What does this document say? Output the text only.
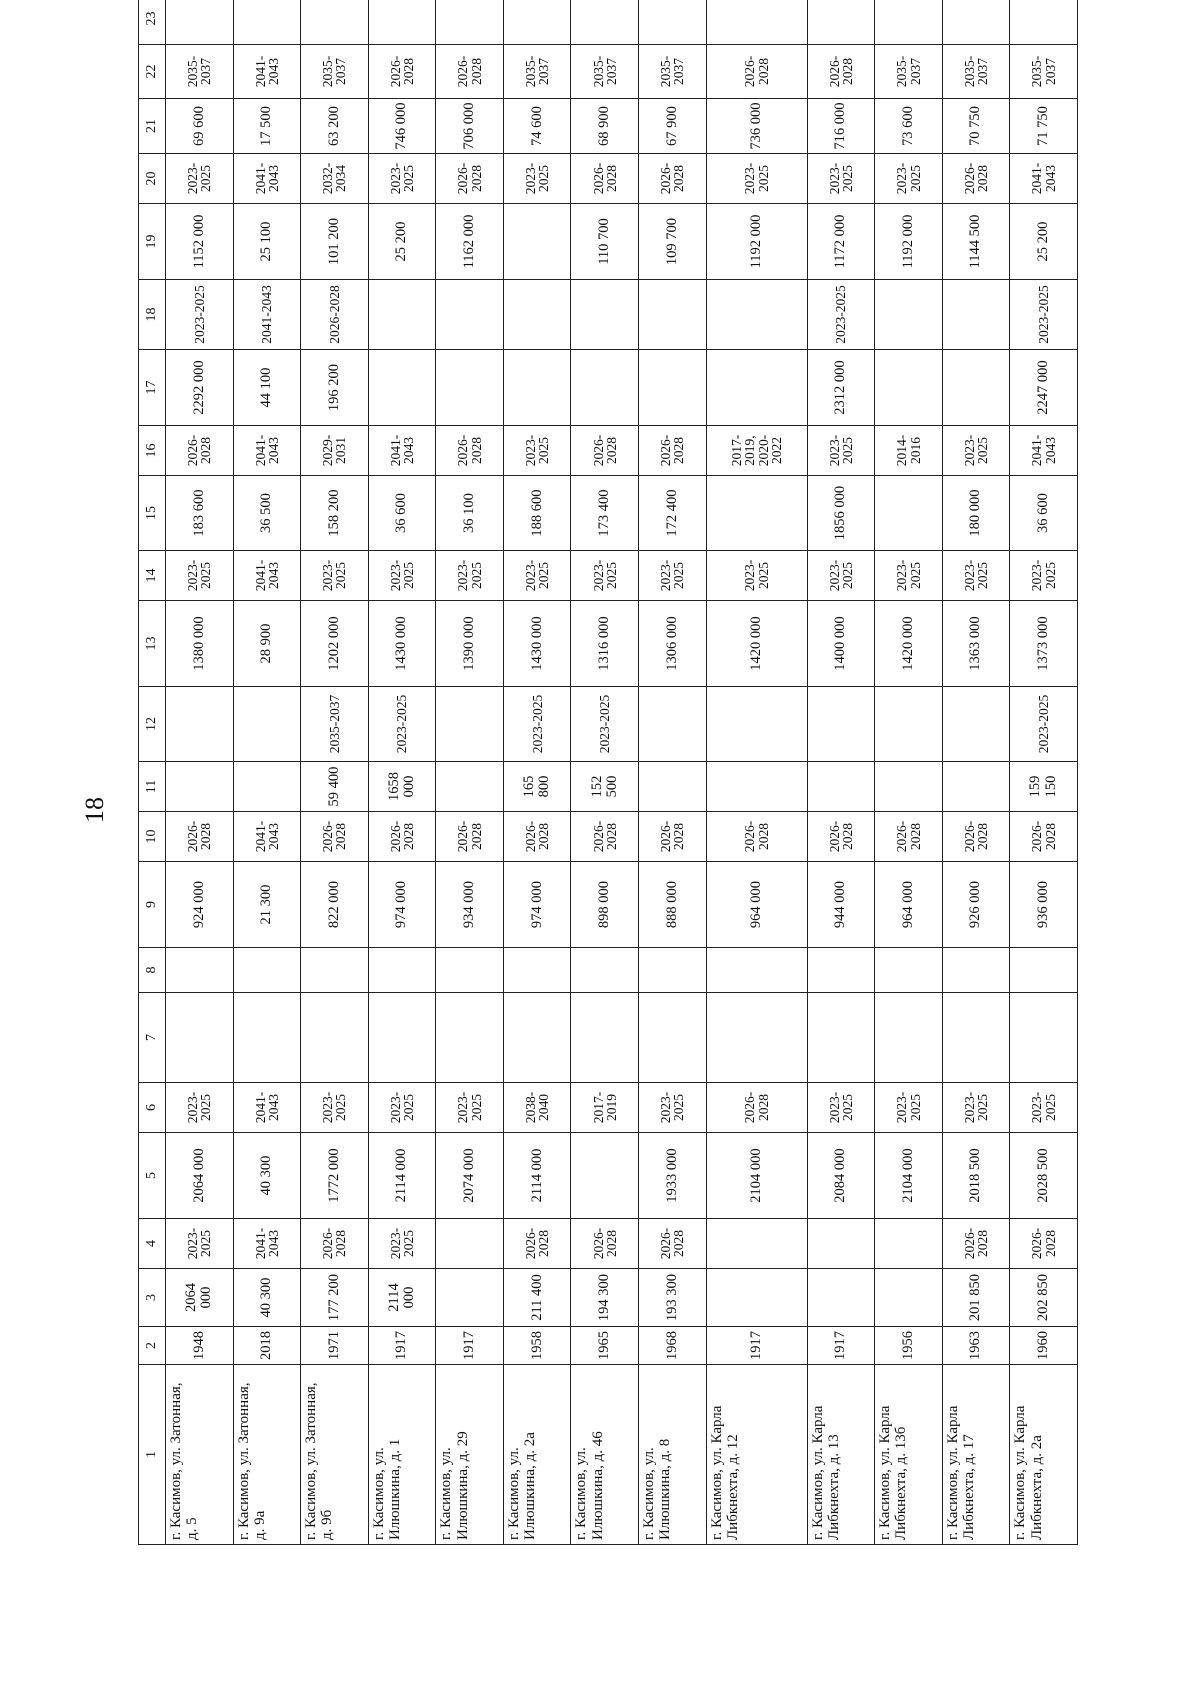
18
1	2	3	4	5	6	7	8	9	10	11	12	13	14	15	16	17	18	19	20	21	22	23	
г. Касимов, ул. Затонная, д. 5	1948	2064 000	2023-2025	2064 000	2023-2025			924 000	2026-2028			1380 000	2023-2025	183 600	2026-2028	2292 000	2023-2025	1152 000	2023-2025	69 600	2035-2037		
г. Касимов, ул. Затонная, д. 9а	2018	40 300	2041-2043	40 300	2041-2043			21 300	2041-2043			28 900	2041-2043	36 500	2041-2043	44 100	2041-2043	25 100	2041-2043	17 500	2041-2043		
г. Касимов, ул. Затонная, д. 9б	1971	177 200	2026-2028	1772 000	2023-2025			822 000	2026-2028	59 400	2035-2037	1202 000	2023-2025	158 200	2029-2031	196 200	2026-2028	101 200	2032-2034	63 200	2035-2037		
г. Касимов, ул. Илюшкина, д. 1	1917	2114 000	2023-2025	2114 000	2023-2025			974 000	2026-2028	1658 000	2023-2025	1430 000	2023-2025	36 600	2041-2043			25 200	2023-2025	746 000	2026-2028		
г. Касимов, ул. Илюшкина, д. 29	1917			2074 000	2023-2025			934 000	2026-2028			1390 000	2023-2025	36 100	2026-2028			1162 000	2026-2028	706 000	2026-2028		
г. Касимов, ул. Илюшкина, д. 2а	1958	211 400	2026-2028	2114 000	2038-2040			974 000	2026-2028	165 800	2023-2025	1430 000	2023-2025	188 600	2023-2025				2023-2025	74 600	2035-2037		
г. Касимов, ул. Илюшкина, д. 46	1965	194 300	2026-2028		2017-2019			898 000	2026-2028	152 500	2023-2025	1316 000	2023-2025	173 400	2026-2028			110 700	2026-2028	68 900	2035-2037		
г. Касимов, ул. Илюшкина, д. 8	1968	193 300	2026-2028	1933 000	2023-2025			888 000	2026-2028			1306 000	2023-2025	172 400	2026-2028			109 700	2026-2028	67 900	2035-2037		
г. Касимов, ул. Карла Либкнехта, д. 12	1917			2104 000	2026-2028			964 000	2026-2028			1420 000	2023-2025		2017-2019, 2020-2022			1192 000	2023-2025	736 000	2026-2028		
г. Касимов, ул. Карла Либкнехта, д. 13	1917			2084 000	2023-2025			944 000	2026-2028			1400 000	2023-2025	1856 000	2023-2025	2312 000	2023-2025	1172 000	2023-2025	716 000	2026-2028		
г. Касимов, ул. Карла Либкнехта, д. 13б	1956			2104 000	2023-2025			964 000	2026-2028			1420 000	2023-2025		2014-2016			1192 000	2023-2025	73 600	2035-2037		
г. Касимов, ул. Карла Либкнехта, д. 17	1963	201 850	2026-2028	2018 500	2023-2025			926 000	2026-2028			1363 000	2023-2025	180 000	2023-2025			1144 500	2026-2028	70 750	2035-2037		
г. Касимов, ул. Карла Либкнехта, д. 2а	1960	202 850	2026-2028	2028 500	2023-2025			936 000	2026-2028	159 150	2023-2025	1373 000	2023-2025	36 600	2041-2043	2247 000	2023-2025	25 200	2041-2043	71 750	2035-2037		
